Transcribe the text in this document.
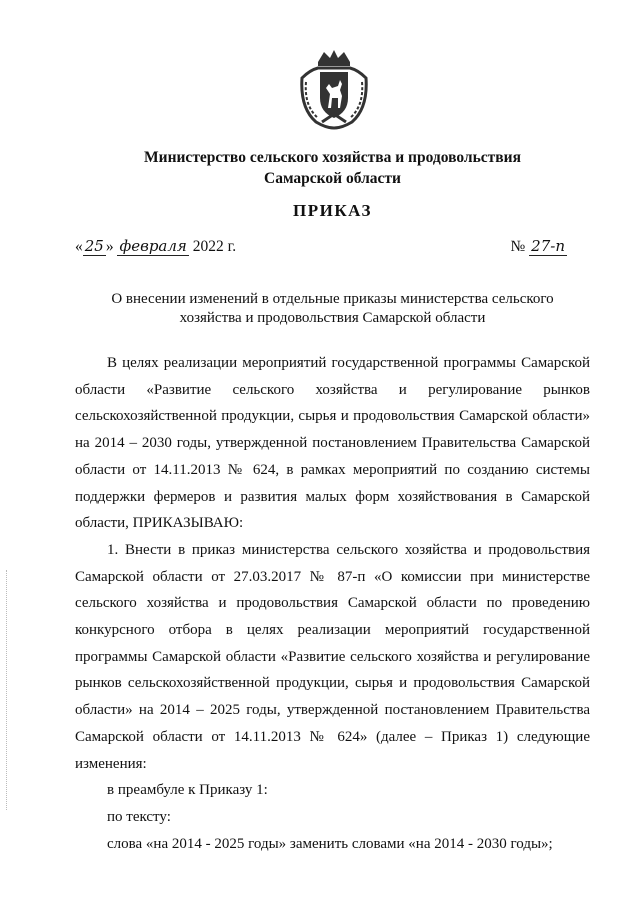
Министерство сельского хозяйства и продовольствия
Самарской области
ПРИКАЗ
« 25 » февраля 2022 г.	№ 27-п
О внесении изменений в отдельные приказы министерства сельского
хозяйства и продовольствия Самарской области

В целях реализации мероприятий государственной программы Самарской области «Развитие сельского хозяйства и регулирование рынков сельскохозяйственной продукции, сырья и продовольствия Самарской области» на 2014 – 2030 годы, утвержденной постановлением Правительства Самарской области от 14.11.2013 № 624, в рамках мероприятий по созданию системы поддержки фермеров и развития малых форм хозяйствования в Самарской области, ПРИКАЗЫВАЮ:

1. Внести в приказ министерства сельского хозяйства и продовольствия Самарской области от 27.03.2017 № 87-п «О комиссии при министерстве сельского хозяйства и продовольствия Самарской области по проведению конкурсного отбора в целях реализации мероприятий государственной программы Самарской области «Развитие сельского хозяйства и регулирование рынков сельскохозяйственной продукции, сырья и продовольствия Самарской области» на 2014 – 2025 годы, утвержденной постановлением Правительства Самарской области от 14.11.2013 № 624» (далее – Приказ 1) следующие изменения:

в преамбуле к Приказу 1:

по тексту:

слова «на 2014 - 2025 годы» заменить словами «на 2014 - 2030 годы»;
